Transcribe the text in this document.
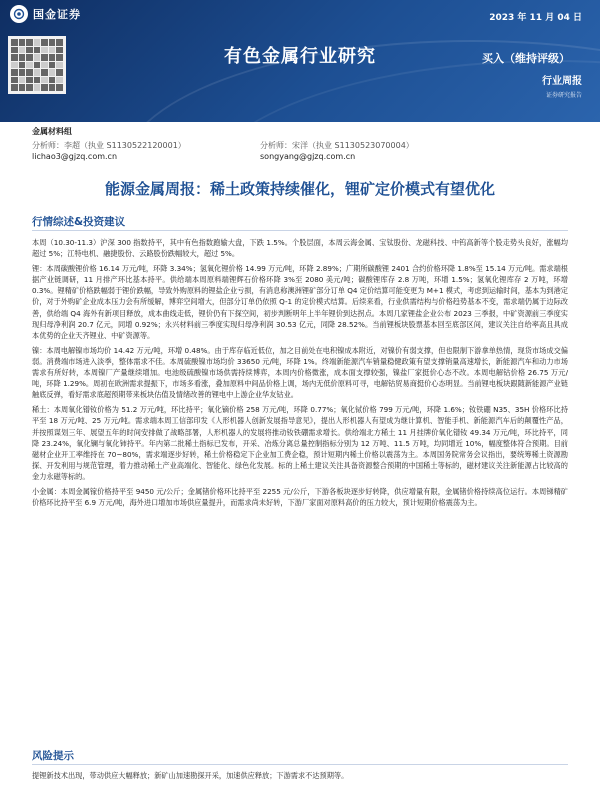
国金证券	2023 年 11 月 04 日
有色金属行业研究	买入（维持评级）
行业周报
证券研究报告
金属材料组
分析师：李超（执业 S1130522120001）
lichao3@gjzq.com.cn
分析师：宋洋（执业 S1130523070004）
songyang@gjzq.com.cn
能源金属周报：稀土政策持续催化，锂矿定价模式有望优化
行情综述&投资建议

本周（10.30-11.3）沪深 300 指数持平，其中有色指数跑输大盘，下跌 1.5%。个股层面，本周云海金属、宝钛股份、龙磁科技、中钨高新等个股走势头良好，涨幅均超过 5%；江特电机、融捷股份、云路股份跌幅较大，超过 5%。

锂：本周碳酸锂价格 16.14 万元/吨，环降 3.34%；氢氧化锂价格 14.99 万元/吨，环降 2.89%；广期所碳酸锂 2401 合约价格环降 1.8%至 15.14 万元/吨。需求端根据产业链调研，11 月排产环比基本持平。供给端本周原料端锂辉石价格环降 3%至 2080 美元/吨；碳酸锂库存 2.8 万吨，环增 1.5%；氢氧化锂库存 2 万吨，环增 0.3%。锂精矿价格跌幅弱于锂价跌幅，导致外购原料的锂盐企业亏损，有消息称澳洲锂矿部分订单 Q4 定价结算可能变更为 M+1 模式，考虑到运输时间，基本为到港定价，对于外购矿企业成本压力会有所缓解，博弈空间增大，但部分订单仍依照 Q-1 的定价模式结算。后续来看，行业供需结构与价格趋势基本不变，需求端仍属于边际改善，供给端 Q4 海外有新项目释放，成本曲线走低，锂价仍有下探空间，初步判断明年上半年锂价到达拐点。本周几家锂盐企业公布 2023 三季报，中矿资源前三季度实现归母净利润 20.7 亿元，同增 0.92%；永兴材料前三季度实现归母净利润 30.53 亿元，同降 28.52%。当前锂板块股票基本回至底部区间，建议关注自给率高且具成本优势的企业天齐锂业、中矿资源等。

镍：本周电解镍市场均价 14.42 万元/吨，环增 0.48%。由于库存临近低位，加之目前处在电积镍成本附近，对镍价有弱支撑，但也限制下游拿单热情，现货市场成交偏弱。消费端市场进入淡季，整体需求不佳。本周硫酸镍市场均价 33650 元/吨，环降 1%。终端新能源汽车销量稳健政策有望支撑销量高速增长，新能源汽车和动力市场需求有所好转，本周镍厂产量继续增加。电池级硫酸镍市场供需持续博弈，本周内价格微涨，成本面支撑较强，镍盐厂家挺价心态不改。本周电解钴价格 26.75 万元/吨，环降 1.29%。周初在欧洲需求提振下，市场多看涨，叠加原料中间品价格上调，场内无低价原料可寻，电解钴贸易商挺价心态明显。当前锂电板块跟随新能源产业链触底反弹，看好需求底超预期带来板块估值及情绪改善的锂电中上游企业华友钴业。

稀土：本周氧化镨钕价格为 51.2 万元/吨，环比持平；氧化镝价格 258 万元/吨，环降 0.77%；氧化铽价格 799 万元/吨，环降 1.6%；钕铁硼 N35、35H 价格环比持平至 18 万元/吨、25 万元/吨。需求端本周工信部印发《人形机器人创新发展指导意见》，提出人形机器人有望成为继计算机、智能手机、新能源汽车后的颠覆性产品，并按照谋划三年、展望五年的时间安排做了战略部署，人形机器人的发展将推动钕铁硼需求增长。供给端北方稀土 11 月挂牌价氧化镨钕 49.34 万元/吨，环比持平，同降 23.24%，氧化镧与氧化铈持平。年内第二批稀土指标已发布，开采、冶炼分离总量控制指标分别为 12 万吨、11.5 万吨，均同增近 10%，幅度整体符合预期。目前磁材企业开工率维持在 70~80%，需求端逐步好转，稀土价格稳定下企业加工费企稳，预计短期内稀土价格以震荡为主。本周国务院常务会议指出，要统筹稀土资源勘探、开发利用与规范管理，着力推动稀土产业高端化、智能化、绿色化发展。标的上稀土建议关注具备资源整合预期的中国稀土等标的，磁材建议关注新能源占比较高的金力永磁等标的。

小金属：本周金属镓价格持平至 9450 元/公斤；金属锗价格环比持平至 2255 元/公斤，下游各板块逐步好转降，供应增量有限，金属锗价格持续高位运行。本周锑精矿价格环比持平至 6.9 万元/吨，海外进口增加市场供应量提升，而需求尚未好转，下游厂家面对原料高价的压力较大，预计短期价格震荡为主。

风险提示
提锂新技术出现，带动供应大幅释放；新矿山加速勘探开采，加速供应释放；下游需求不达预期等。
